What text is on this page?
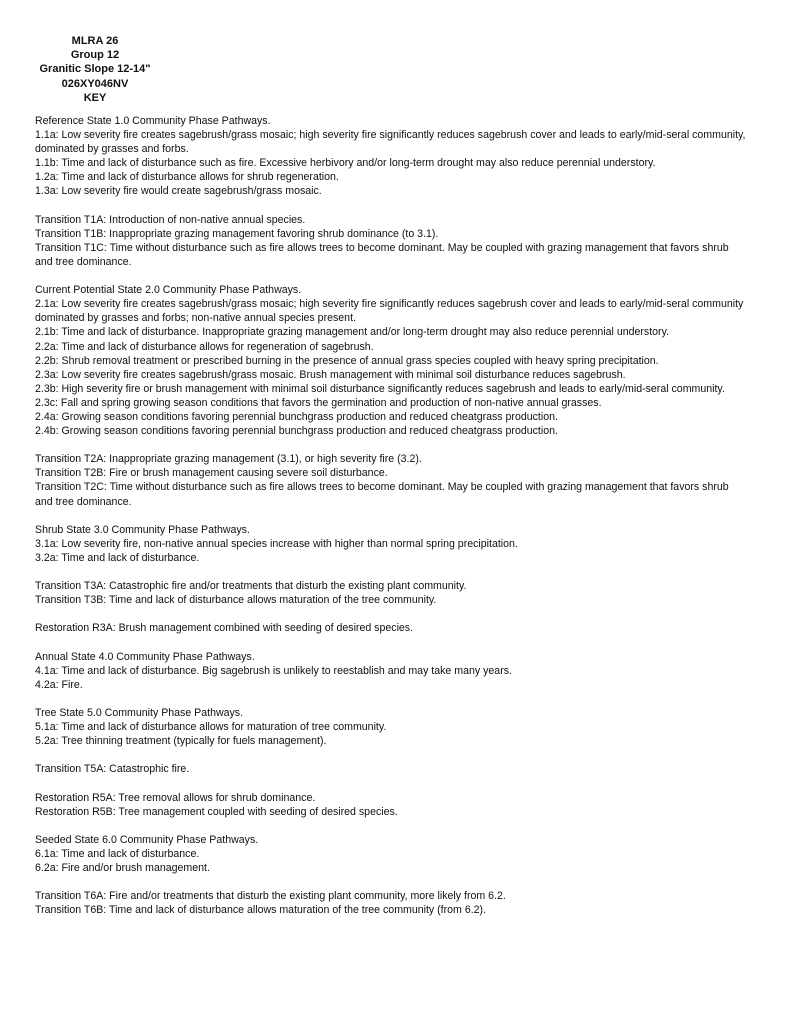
MLRA 26
Group 12
Granitic Slope 12-14"
026XY046NV
KEY
Reference State 1.0 Community Phase Pathways.
1.1a: Low severity fire creates sagebrush/grass mosaic; high severity fire significantly reduces sagebrush cover and leads to early/mid-seral community, dominated by grasses and forbs.
1.1b: Time and lack of disturbance such as fire. Excessive herbivory and/or long-term drought may also reduce perennial understory.
1.2a: Time and lack of disturbance allows for shrub regeneration.
1.3a: Low severity fire would create sagebrush/grass mosaic.
Transition T1A: Introduction of non-native annual species.
Transition T1B: Inappropriate grazing management favoring shrub dominance (to 3.1).
Transition T1C: Time without disturbance such as fire allows trees to become dominant. May be coupled with grazing management that favors shrub and tree dominance.
Current Potential State 2.0 Community Phase Pathways.
2.1a: Low severity fire creates sagebrush/grass mosaic; high severity fire significantly reduces sagebrush cover and leads to early/mid-seral community dominated by grasses and forbs; non-native annual species present.
2.1b: Time and lack of disturbance. Inappropriate grazing management and/or long-term drought may also reduce perennial understory.
2.2a: Time and lack of disturbance allows for regeneration of sagebrush.
2.2b: Shrub removal treatment or prescribed burning in the presence of annual grass species coupled with heavy spring precipitation.
2.3a: Low severity fire creates sagebrush/grass mosaic. Brush management with minimal soil disturbance reduces sagebrush.
2.3b: High severity fire or brush management with minimal soil disturbance significantly reduces sagebrush and leads to early/mid-seral community.
2.3c: Fall and spring growing season conditions that favors the germination and production of non-native annual grasses.
2.4a: Growing season conditions favoring perennial bunchgrass production and reduced cheatgrass production.
2.4b: Growing season conditions favoring perennial bunchgrass production and reduced cheatgrass production.
Transition T2A: Inappropriate grazing management (3.1), or high severity fire (3.2).
Transition T2B: Fire or brush management causing severe soil disturbance.
Transition T2C: Time without disturbance such as fire allows trees to become dominant. May be coupled with grazing management that favors shrub and tree dominance.
Shrub State 3.0 Community Phase Pathways.
3.1a: Low severity fire, non-native annual species increase with higher than normal spring precipitation.
3.2a: Time and lack of disturbance.
Transition T3A: Catastrophic fire and/or treatments that disturb the existing plant community.
Transition T3B: Time and lack of disturbance allows maturation of the tree community.
Restoration R3A: Brush management combined with seeding of desired species.
Annual State 4.0 Community Phase Pathways.
4.1a: Time and lack of disturbance. Big sagebrush is unlikely to reestablish and may take many years.
4.2a: Fire.
Tree State 5.0 Community Phase Pathways.
5.1a: Time and lack of disturbance allows for maturation of tree community.
5.2a: Tree thinning treatment (typically for fuels management).
Transition T5A: Catastrophic fire.
Restoration R5A: Tree removal allows for shrub dominance.
Restoration R5B: Tree management coupled with seeding of desired species.
Seeded State 6.0 Community Phase Pathways.
6.1a: Time and lack of disturbance.
6.2a: Fire and/or brush management.
Transition T6A: Fire and/or treatments that disturb the existing plant community, more likely from 6.2.
Transition T6B: Time and lack of disturbance allows maturation of the tree community (from 6.2).
